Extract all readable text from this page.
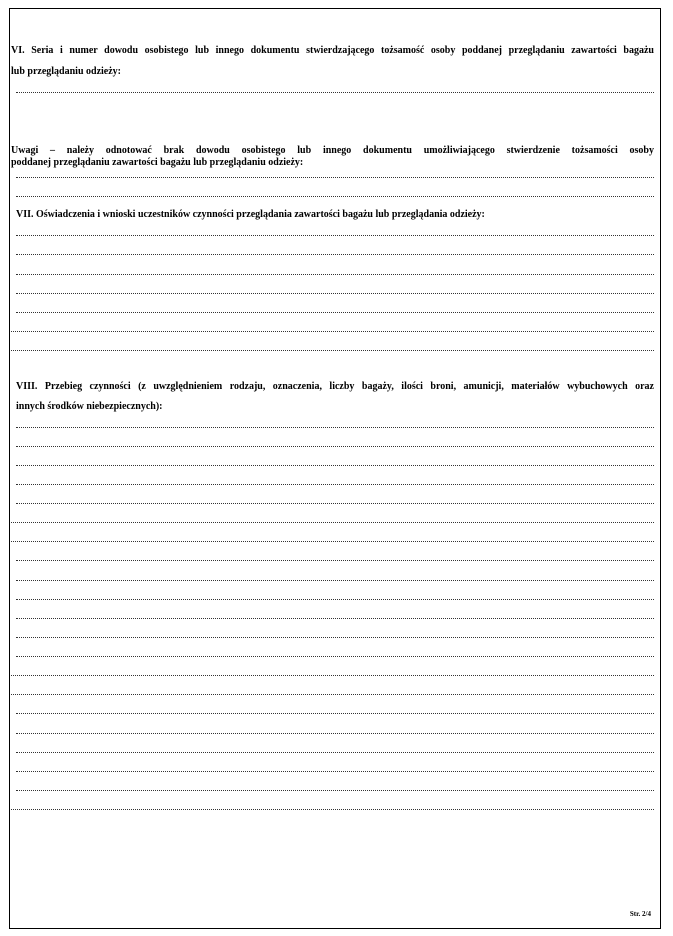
VI. Seria i numer dowodu osobistego lub innego dokumentu stwierdzającego tożsamość osoby poddanej przeglądaniu zawartości bagażu
lub przeglądaniu odzieży:
Uwagi – należy odnotować brak dowodu osobistego lub innego dokumentu umożliwiającego stwierdzenie tożsamości osoby
poddanej przeglądaniu zawartości bagażu lub przeglądaniu odzieży:
VII. Oświadczenia i wnioski uczestników czynności przeglądania zawartości bagażu lub przeglądania odzieży:
VIII. Przebieg czynności (z uwzględnieniem rodzaju, oznaczenia, liczby bagaży, ilości broni, amunicji, materiałów wybuchowych oraz
innych środków niebezpiecznych):
Str. 2/4
